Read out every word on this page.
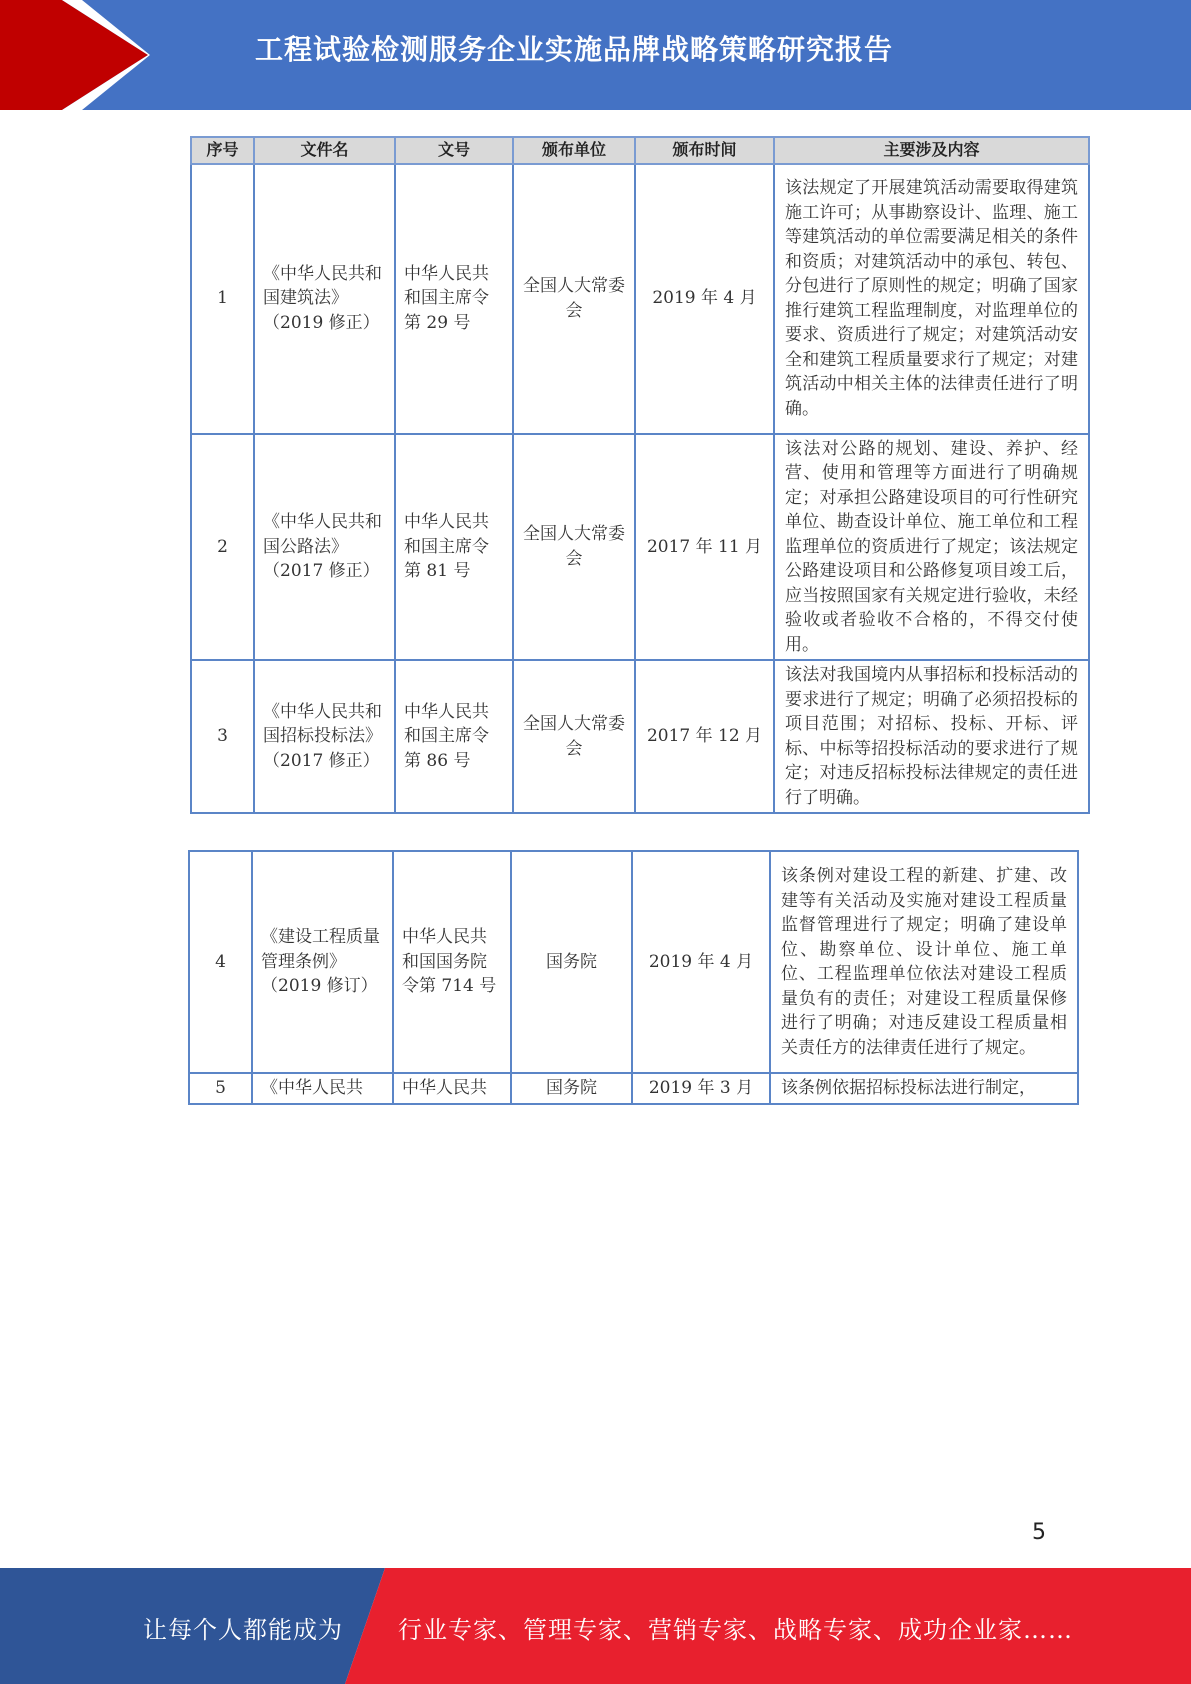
工程试验检测服务企业实施品牌战略策略研究报告
序号	文件名	文号	颁布单位	颁布时间	主要涉及内容
1	《中华人民共和国建筑法》（2019 修正）	中华人民共和国主席令第 29 号	全国人大常委会	2019 年 4 月	该法规定了开展建筑活动需要取得建筑施工许可；从事勘察设计、监理、施工等建筑活动的单位需要满足相关的条件和资质；对建筑活动中的承包、转包、分包进行了原则性的规定；明确了国家推行建筑工程监理制度，对监理单位的要求、资质进行了规定；对建筑活动安全和建筑工程质量要求行了规定；对建筑活动中相关主体的法律责任进行了明确。
2	《中华人民共和国公路法》（2017 修正）	中华人民共和国主席令第 81 号	全国人大常委会	2017 年 11 月	该法对公路的规划、建设、养护、经营、使用和管理等方面进行了明确规定；对承担公路建设项目的可行性研究单位、勘查设计单位、施工单位和工程监理单位的资质进行了规定；该法规定公路建设项目和公路修复项目竣工后，应当按照国家有关规定进行验收，未经验收或者验收不合格的，不得交付使用。
3	《中华人民共和国招标投标法》（2017 修正）	中华人民共和国主席令第 86 号	全国人大常委会	2017 年 12 月	该法对我国境内从事招标和投标活动的要求进行了规定；明确了必须招投标的项目范围；对招标、投标、开标、评标、中标等招投标活动的要求进行了规定；对违反招标投标法律规定的责任进行了明确。
4	《建设工程质量管理条例》（2019 修订）	中华人民共和国国务院令第 714 号	国务院	2019 年 4 月	该条例对建设工程的新建、扩建、改建等有关活动及实施对建设工程质量监督管理进行了规定；明确了建设单位、勘察单位、设计单位、施工单位、工程监理单位依法对建设工程质量负有的责任；对建设工程质量保修进行了明确；对违反建设工程质量相关责任方的法律责任进行了规定。
5	《中华人民共	中华人民共	国务院	2019 年 3 月	该条例依据招标投标法进行制定，
5
让每个人都能成为 行业专家、管理专家、营销专家、战略专家、成功企业家……
